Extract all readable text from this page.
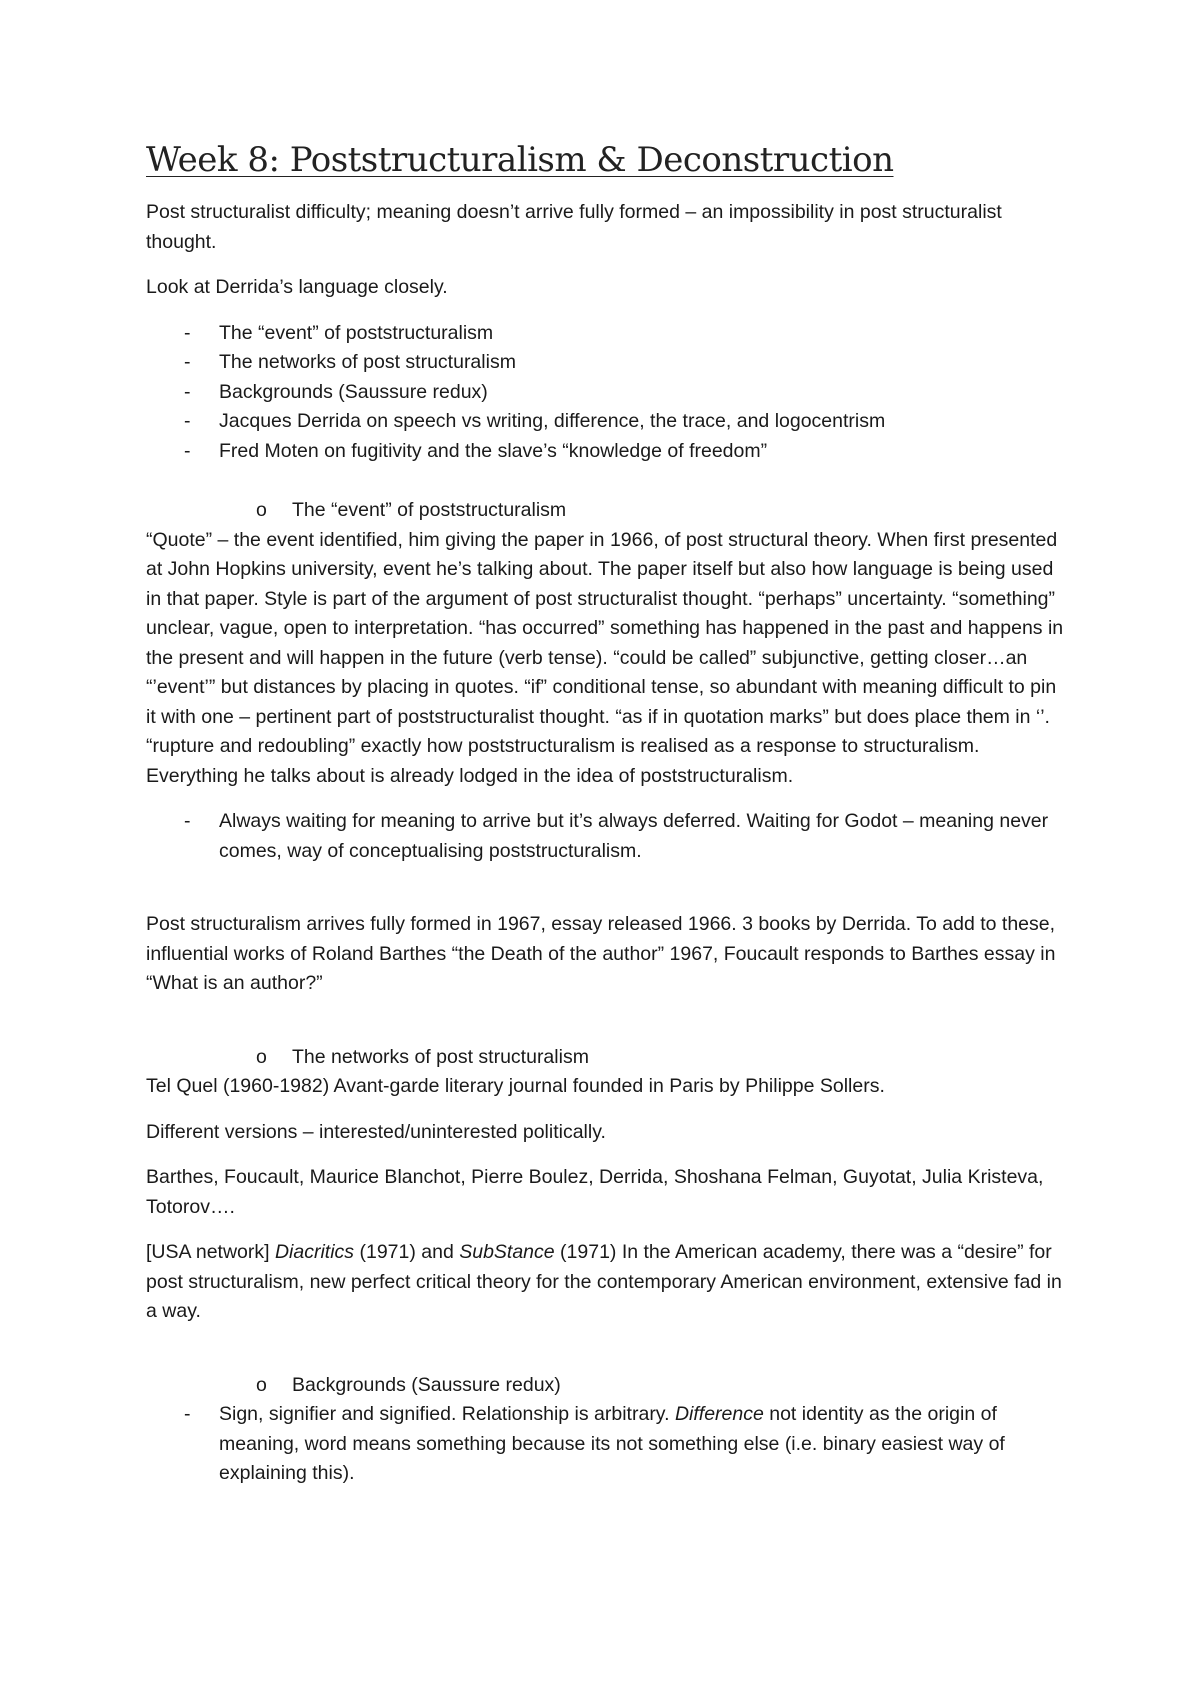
Week 8: Poststructuralism & Deconstruction

Post structuralist difficulty; meaning doesn’t arrive fully formed – an impossibility in post structuralist thought.

Look at Derrida’s language closely.

- The “event” of poststructuralism
- The networks of post structuralism
- Backgrounds (Saussure redux)
- Jacques Derrida on speech vs writing, difference, the trace, and logocentrism
- Fred Moten on fugitivity and the slave’s “knowledge of freedom”
o The “event” of poststructuralism

“Quote” – the event identified, him giving the paper in 1966, of post structural theory. When first presented at John Hopkins university, event he’s talking about. The paper itself but also how language is being used in that paper. Style is part of the argument of post structuralist thought. “perhaps” uncertainty. “something” unclear, vague, open to interpretation. “has occurred” something has happened in the past and happens in the present and will happen in the future (verb tense). “could be called” subjunctive, getting closer…an “’event’” but distances by placing in quotes. “if” conditional tense, so abundant with meaning difficult to pin it with one – pertinent part of poststructuralist thought. “as if in quotation marks” but does place them in ‘’. “rupture and redoubling” exactly how poststructuralism is realised as a response to structuralism. Everything he talks about is already lodged in the idea of poststructuralism.

- Always waiting for meaning to arrive but it’s always deferred. Waiting for Godot – meaning never comes, way of conceptualising poststructuralism.

Post structuralism arrives fully formed in 1967, essay released 1966. 3 books by Derrida. To add to these, influential works of Roland Barthes “the Death of the author” 1967, Foucault responds to Barthes essay in “What is an author?”

o The networks of post structuralism

Tel Quel (1960-1982) Avant-garde literary journal founded in Paris by Philippe Sollers.

Different versions – interested/uninterested politically.

Barthes, Foucault, Maurice Blanchot, Pierre Boulez, Derrida, Shoshana Felman, Guyotat, Julia Kristeva, Totorov….

[USA network] Diacritics (1971) and SubStance (1971) In the American academy, there was a “desire” for post structuralism, new perfect critical theory for the contemporary American environment, extensive fad in a way.

o Backgrounds (Saussure redux)
- Sign, signifier and signified. Relationship is arbitrary. Difference not identity as the origin of meaning, word means something because its not something else (i.e. binary easiest way of explaining this).
